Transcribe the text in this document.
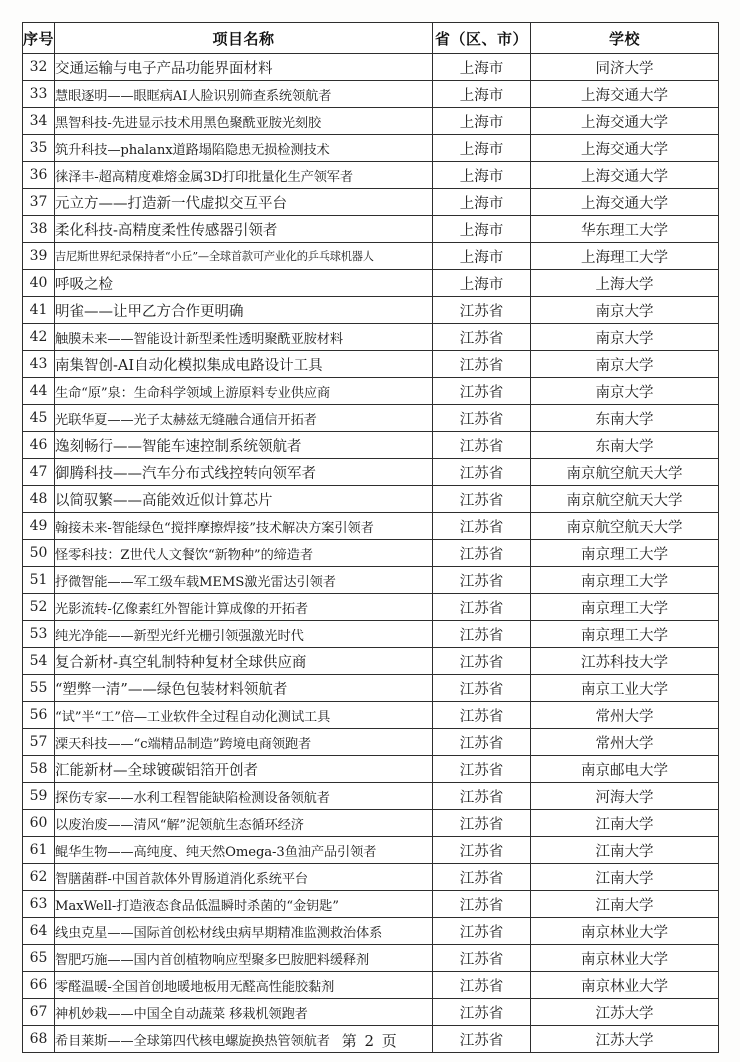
序号	项目名称	省（区、市）	学校
32	交通运输与电子产品功能界面材料	上海市	同济大学
33	慧眼逐明——眼眶病AI人脸识别筛查系统领航者	上海市	上海交通大学
34	黑智科技-先进显示技术用黑色聚酰亚胺光刻胶	上海市	上海交通大学
35	筑升科技—phalanx道路塌陷隐患无损检测技术	上海市	上海交通大学
36	徕泽丰-超高精度难熔金属3D打印批量化生产领军者	上海市	上海交通大学
37	元立方——打造新一代虚拟交互平台	上海市	上海交通大学
38	柔化科技-高精度柔性传感器引领者	上海市	华东理工大学
39	吉尼斯世界纪录保持者“小丘”—全球首款可产业化的乒乓球机器人	上海市	上海理工大学
40	呼吸之检	上海市	上海大学
41	明雀——让甲乙方合作更明确	江苏省	南京大学
42	触膜未来——智能设计新型柔性透明聚酰亚胺材料	江苏省	南京大学
43	南集智创-AI自动化模拟集成电路设计工具	江苏省	南京大学
44	生命“原”泉：生命科学领域上游原料专业供应商	江苏省	南京大学
45	光联华夏——光子太赫兹无缝融合通信开拓者	江苏省	东南大学
46	逸刻畅行——智能车速控制系统领航者	江苏省	东南大学
47	御腾科技——汽车分布式线控转向领军者	江苏省	南京航空航天大学
48	以简驭繁——高能效近似计算芯片	江苏省	南京航空航天大学
49	翰接未来-智能绿色“搅拌摩擦焊接”技术解决方案引领者	江苏省	南京航空航天大学
50	怪零科技：Z世代人文餐饮“新物种”的缔造者	江苏省	南京理工大学
51	抒微智能——军工级车载MEMS激光雷达引领者	江苏省	南京理工大学
52	光影流转-亿像素红外智能计算成像的开拓者	江苏省	南京理工大学
53	纯光净能——新型光纤光栅引领强激光时代	江苏省	南京理工大学
54	复合新材-真空轧制特种复材全球供应商	江苏省	江苏科技大学
55	“塑弊一清”——绿色包装材料领航者	江苏省	南京工业大学
56	“试”半“工”倍—工业软件全过程自动化测试工具	江苏省	常州大学
57	溧天科技——“c端精品制造”跨境电商领跑者	江苏省	常州大学
58	汇能新材—全球镀碳铝箔开创者	江苏省	南京邮电大学
59	探伤专家——水利工程智能缺陷检测设备领航者	江苏省	河海大学
60	以废治废——清风“解”泥领航生态循环经济	江苏省	江南大学
61	鲲华生物——高纯度、纯天然Omega-3鱼油产品引领者	江苏省	江南大学
62	智膳菌群-中国首款体外胃肠道消化系统平台	江苏省	江南大学
63	MaxWell-打造液态食品低温瞬时杀菌的“金钥匙”	江苏省	江南大学
64	线虫克星——国际首创松材线虫病早期精准监测救治体系	江苏省	南京林业大学
65	智肥巧施——国内首创植物响应型聚多巴胺肥料缓释剂	江苏省	南京林业大学
66	零醛温暖-全国首创地暖地板用无醛高性能胶黏剂	江苏省	南京林业大学
67	神机妙栽——中国全自动蔬菜 移栽机领跑者	江苏省	江苏大学
68	希目莱斯——全球第四代核电螺旋换热管领航者	江苏省	江苏大学
第 2 页
